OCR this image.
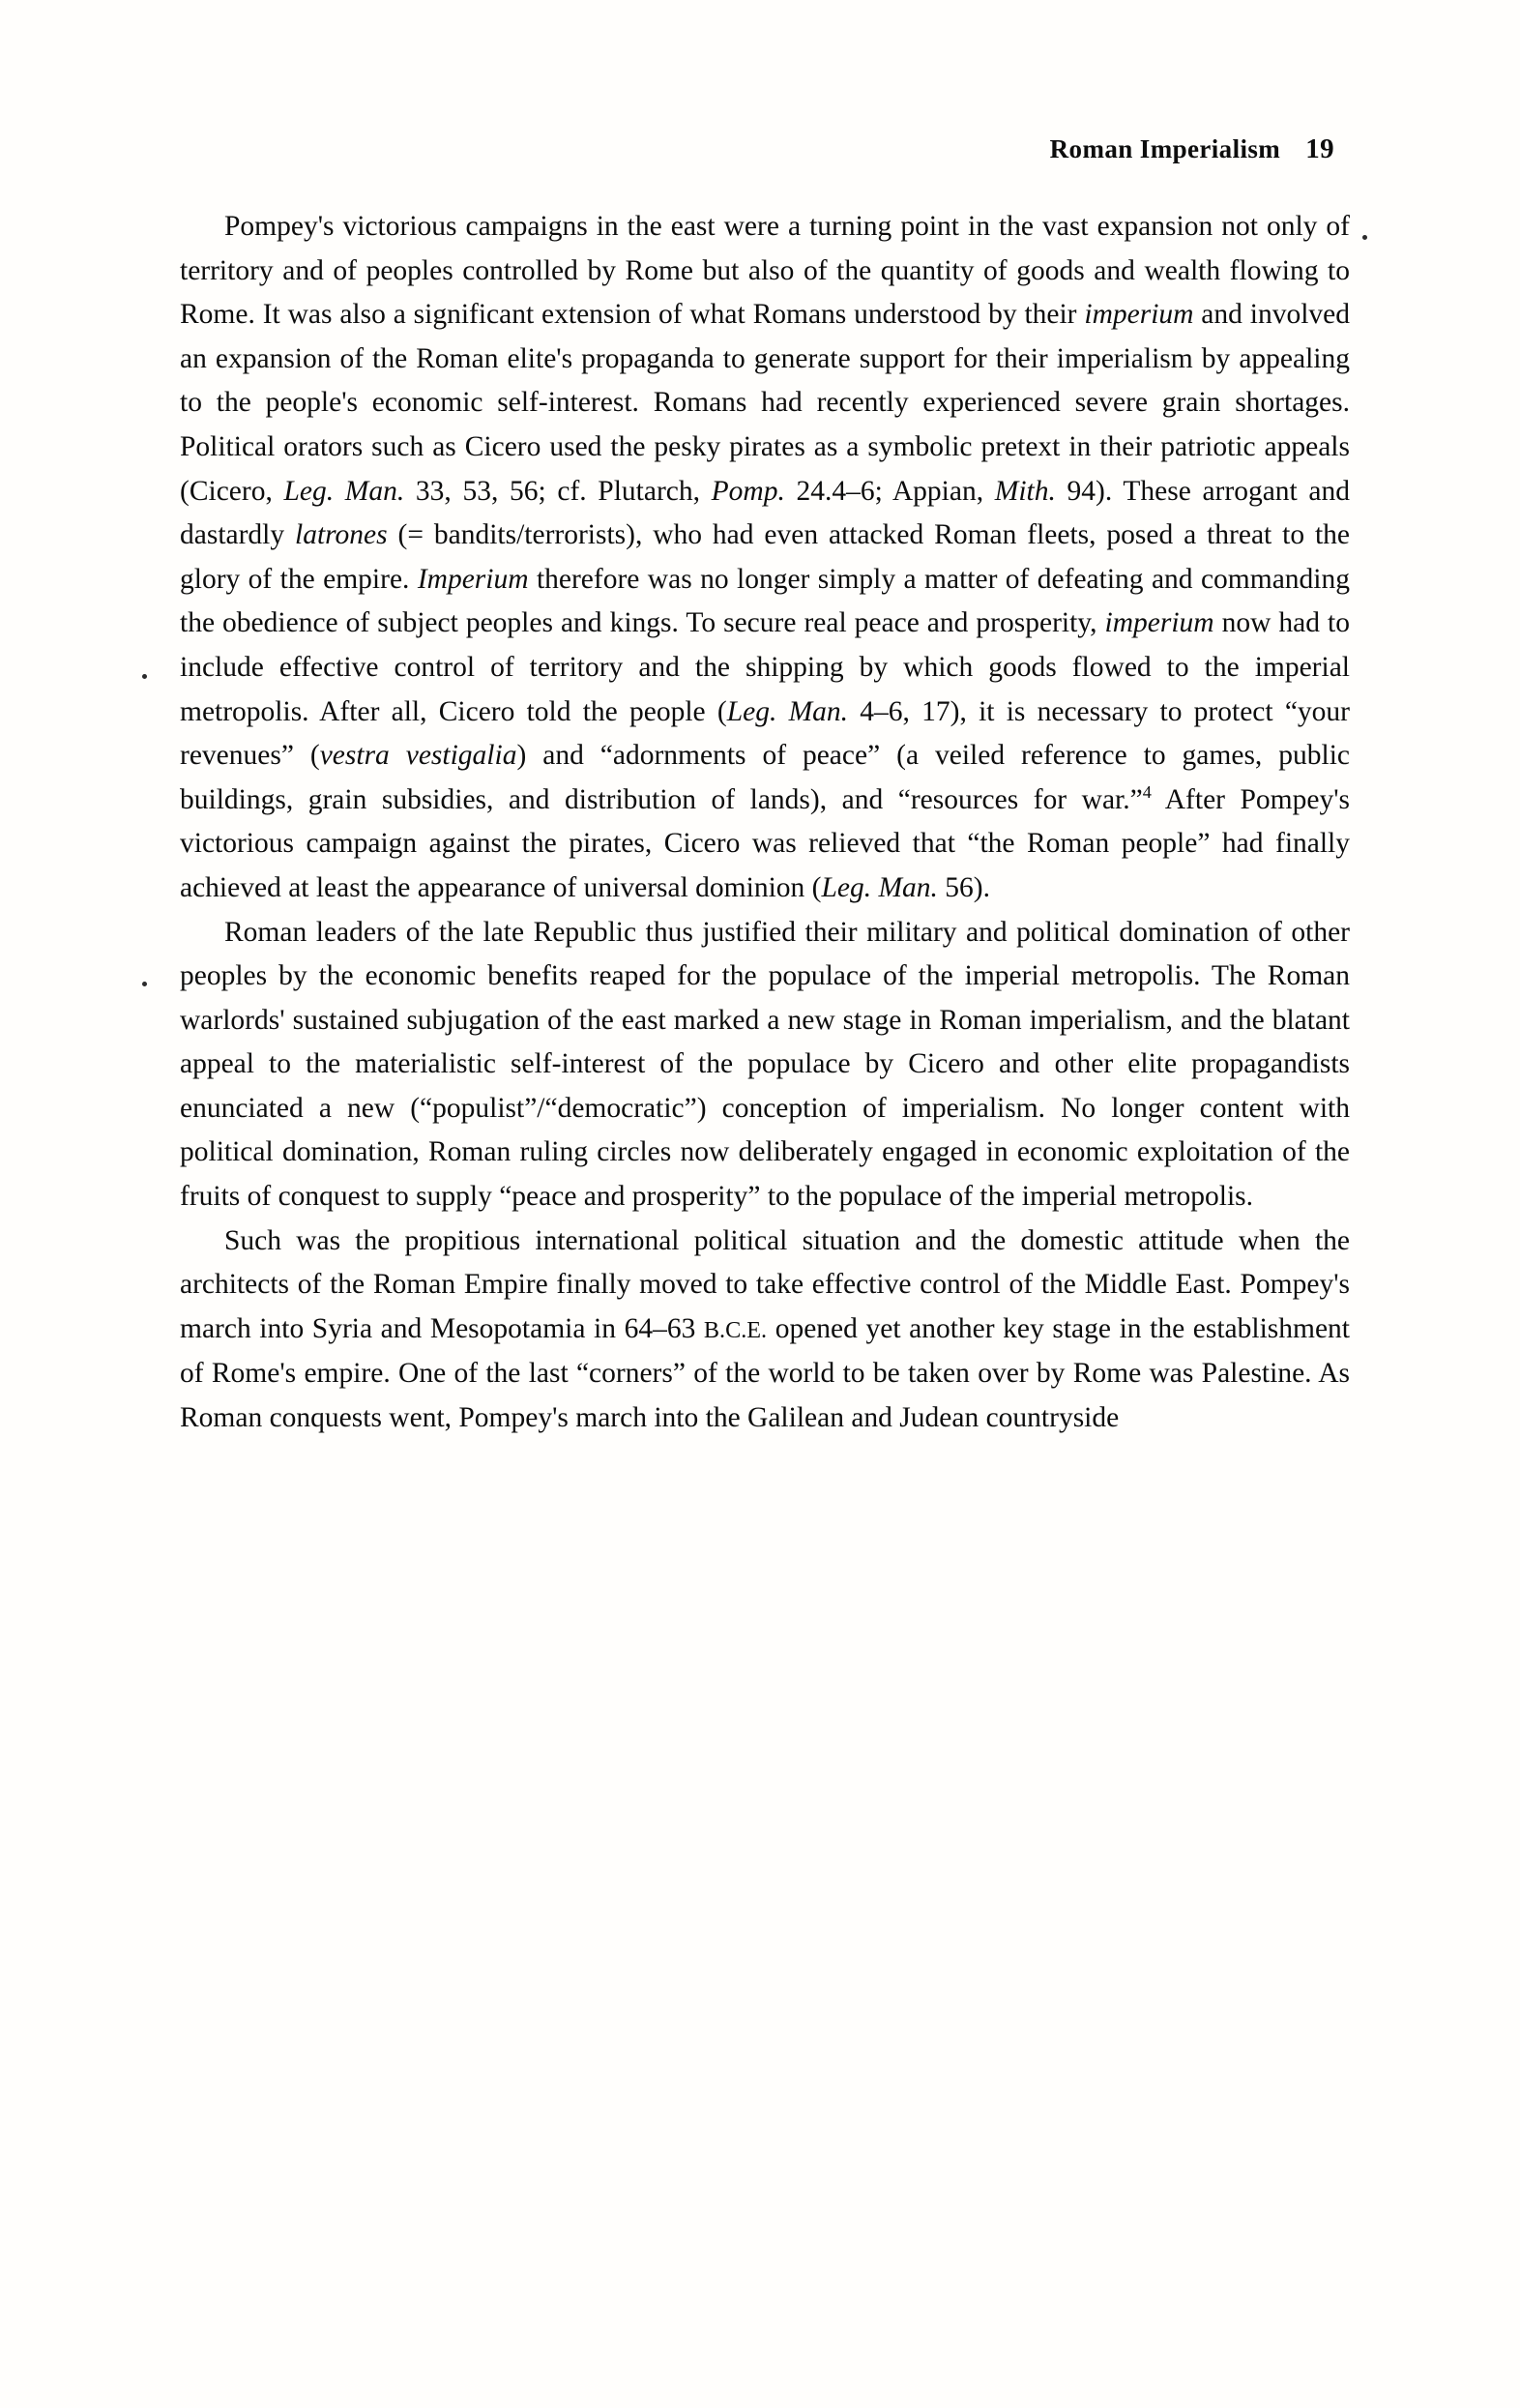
Roman Imperialism 19

Pompey's victorious campaigns in the east were a turning point in the vast expansion not only of territory and of peoples controlled by Rome but also of the quantity of goods and wealth flowing to Rome. It was also a significant extension of what Romans understood by their imperium and involved an expansion of the Roman elite's propaganda to generate support for their imperialism by appealing to the people's economic self-interest. Romans had recently experienced severe grain shortages. Political orators such as Cicero used the pesky pirates as a symbolic pretext in their patriotic appeals (Cicero, Leg. Man. 33, 53, 56; cf. Plutarch, Pomp. 24.4–6; Appian, Mith. 94). These arrogant and dastardly latrones (= bandits/terrorists), who had even attacked Roman fleets, posed a threat to the glory of the empire. Imperium therefore was no longer simply a matter of defeating and commanding the obedience of subject peoples and kings. To secure real peace and prosperity, imperium now had to include effective control of territory and the shipping by which goods flowed to the imperial metropolis. After all, Cicero told the people (Leg. Man. 4–6, 17), it is necessary to protect “your revenues” (vestra vestigalia) and “adornments of peace” (a veiled reference to games, public buildings, grain subsidies, and distribution of lands), and “resources for war.”$^4$ After Pompey's victorious campaign against the pirates, Cicero was relieved that “the Roman people” had finally achieved at least the appearance of universal dominion (Leg. Man. 56).

Roman leaders of the late Republic thus justified their military and political domination of other peoples by the economic benefits reaped for the populace of the imperial metropolis. The Roman warlords' sustained subjugation of the east marked a new stage in Roman imperialism, and the blatant appeal to the materialistic self-interest of the populace by Cicero and other elite propagandists enunciated a new (“populist”/“democratic”) conception of imperialism. No longer content with political domination, Roman ruling circles now deliberately engaged in economic exploitation of the fruits of conquest to supply “peace and prosperity” to the populace of the imperial metropolis.

Such was the propitious international political situation and the domestic attitude when the architects of the Roman Empire finally moved to take effective control of the Middle East. Pompey's march into Syria and Mesopotamia in 64–63 B.C.E. opened yet another key stage in the establishment of Rome's empire. One of the last “corners” of the world to be taken over by Rome was Palestine. As Roman conquests went, Pompey's march into the Galilean and Judean countryside
